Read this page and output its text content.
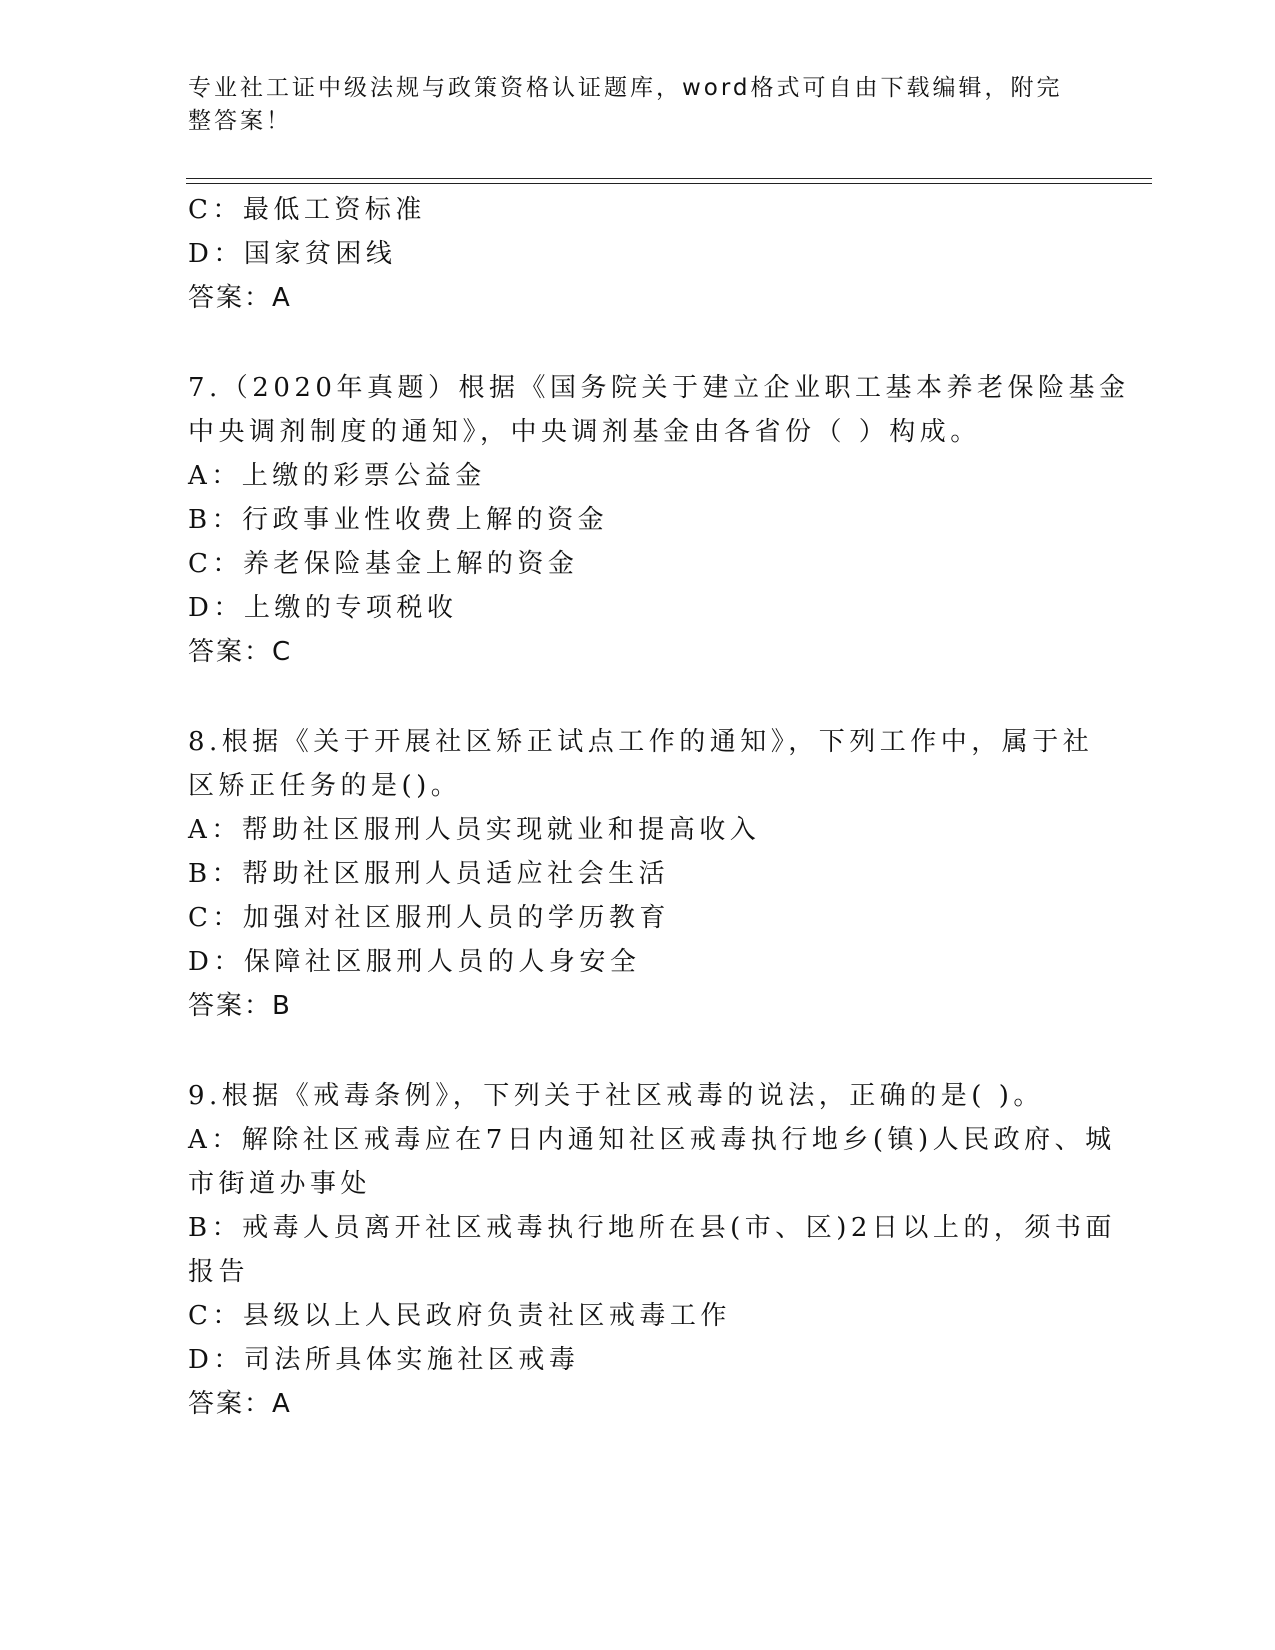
专业社工证中级法规与政策资格认证题库，word格式可自由下载编辑，附完整答案！
C：最低工资标准
D：国家贫困线
答案：A
7.（2020年真题）根据《国务院关于建立企业职工基本养老保险基金
中央调剂制度的通知》，中央调剂基金由各省份（ ）构成。
A：上缴的彩票公益金
B：行政事业性收费上解的资金
C：养老保险基金上解的资金
D：上缴的专项税收
答案：C
8.根据《关于开展社区矫正试点工作的通知》，下列工作中，属于社
区矫正任务的是()。
A：帮助社区服刑人员实现就业和提高收入
B：帮助社区服刑人员适应社会生活
C：加强对社区服刑人员的学历教育
D：保障社区服刑人员的人身安全
答案：B
9.根据《戒毒条例》，下列关于社区戒毒的说法，正确的是( )。
A：解除社区戒毒应在7日内通知社区戒毒执行地乡(镇)人民政府、城
市街道办事处
B：戒毒人员离开社区戒毒执行地所在县(市、区)2日以上的，须书面
报告
C：县级以上人民政府负责社区戒毒工作
D：司法所具体实施社区戒毒
答案：A
